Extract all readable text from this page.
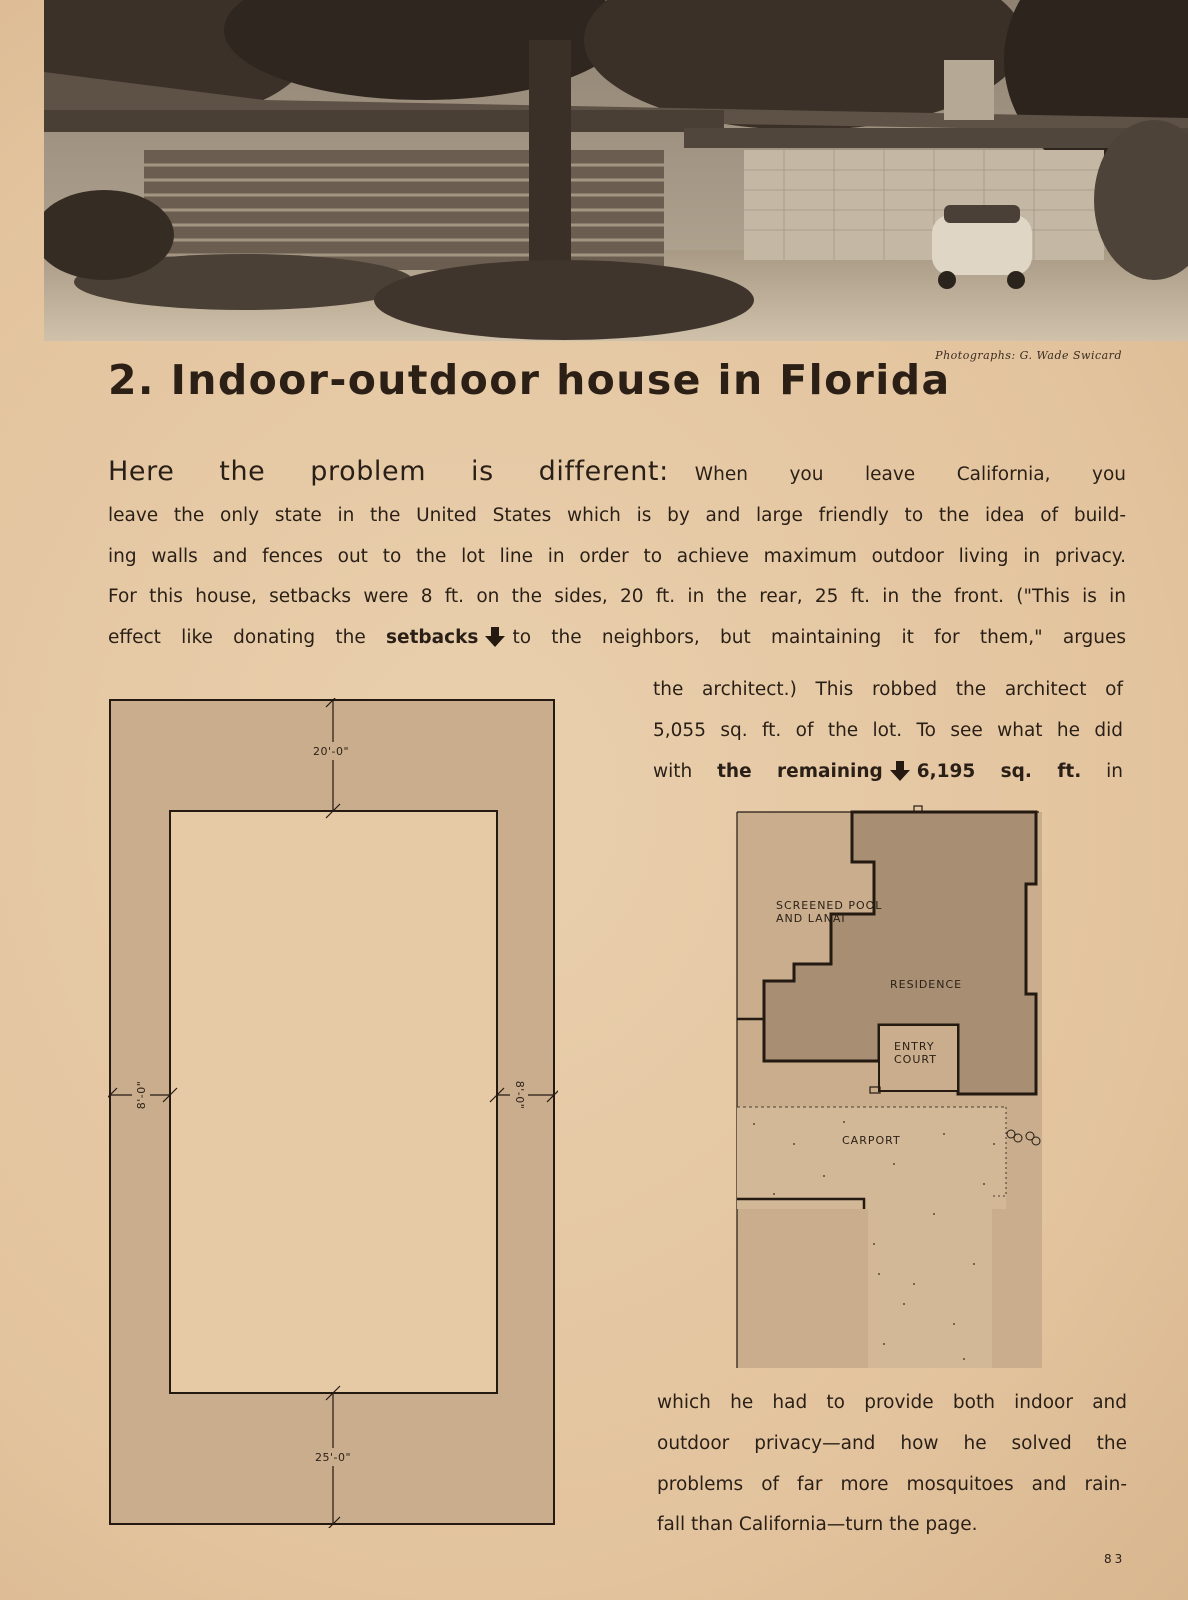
Photographs: G. Wade Swicard
2. Indoor-outdoor house in Florida
Here the problem is different: When you leave California, you
leave the only state in the United States which is by and large friendly to the idea of build-
ing walls and fences out to the lot line in order to achieve maximum outdoor living in privacy.
For this house, setbacks were 8 ft. on the sides, 20 ft. in the rear, 25 ft. in the front. ("This is in
effect like donating the setbacks to the neighbors, but maintaining it for them," argues
the architect.) This robbed the architect of
5,055 sq. ft. of the lot. To see what he did
with the remaining 6,195 sq. ft. in
20'-0"
25'-0"
8'-0"	8'-0"
SCREENED POOL
AND LANAI
RESIDENCE
ENTRY
COURT
CARPORT
which he had to provide both indoor and
outdoor privacy—and how he solved the
problems of far more mosquitoes and rain-
fall than California—turn the page.
83
